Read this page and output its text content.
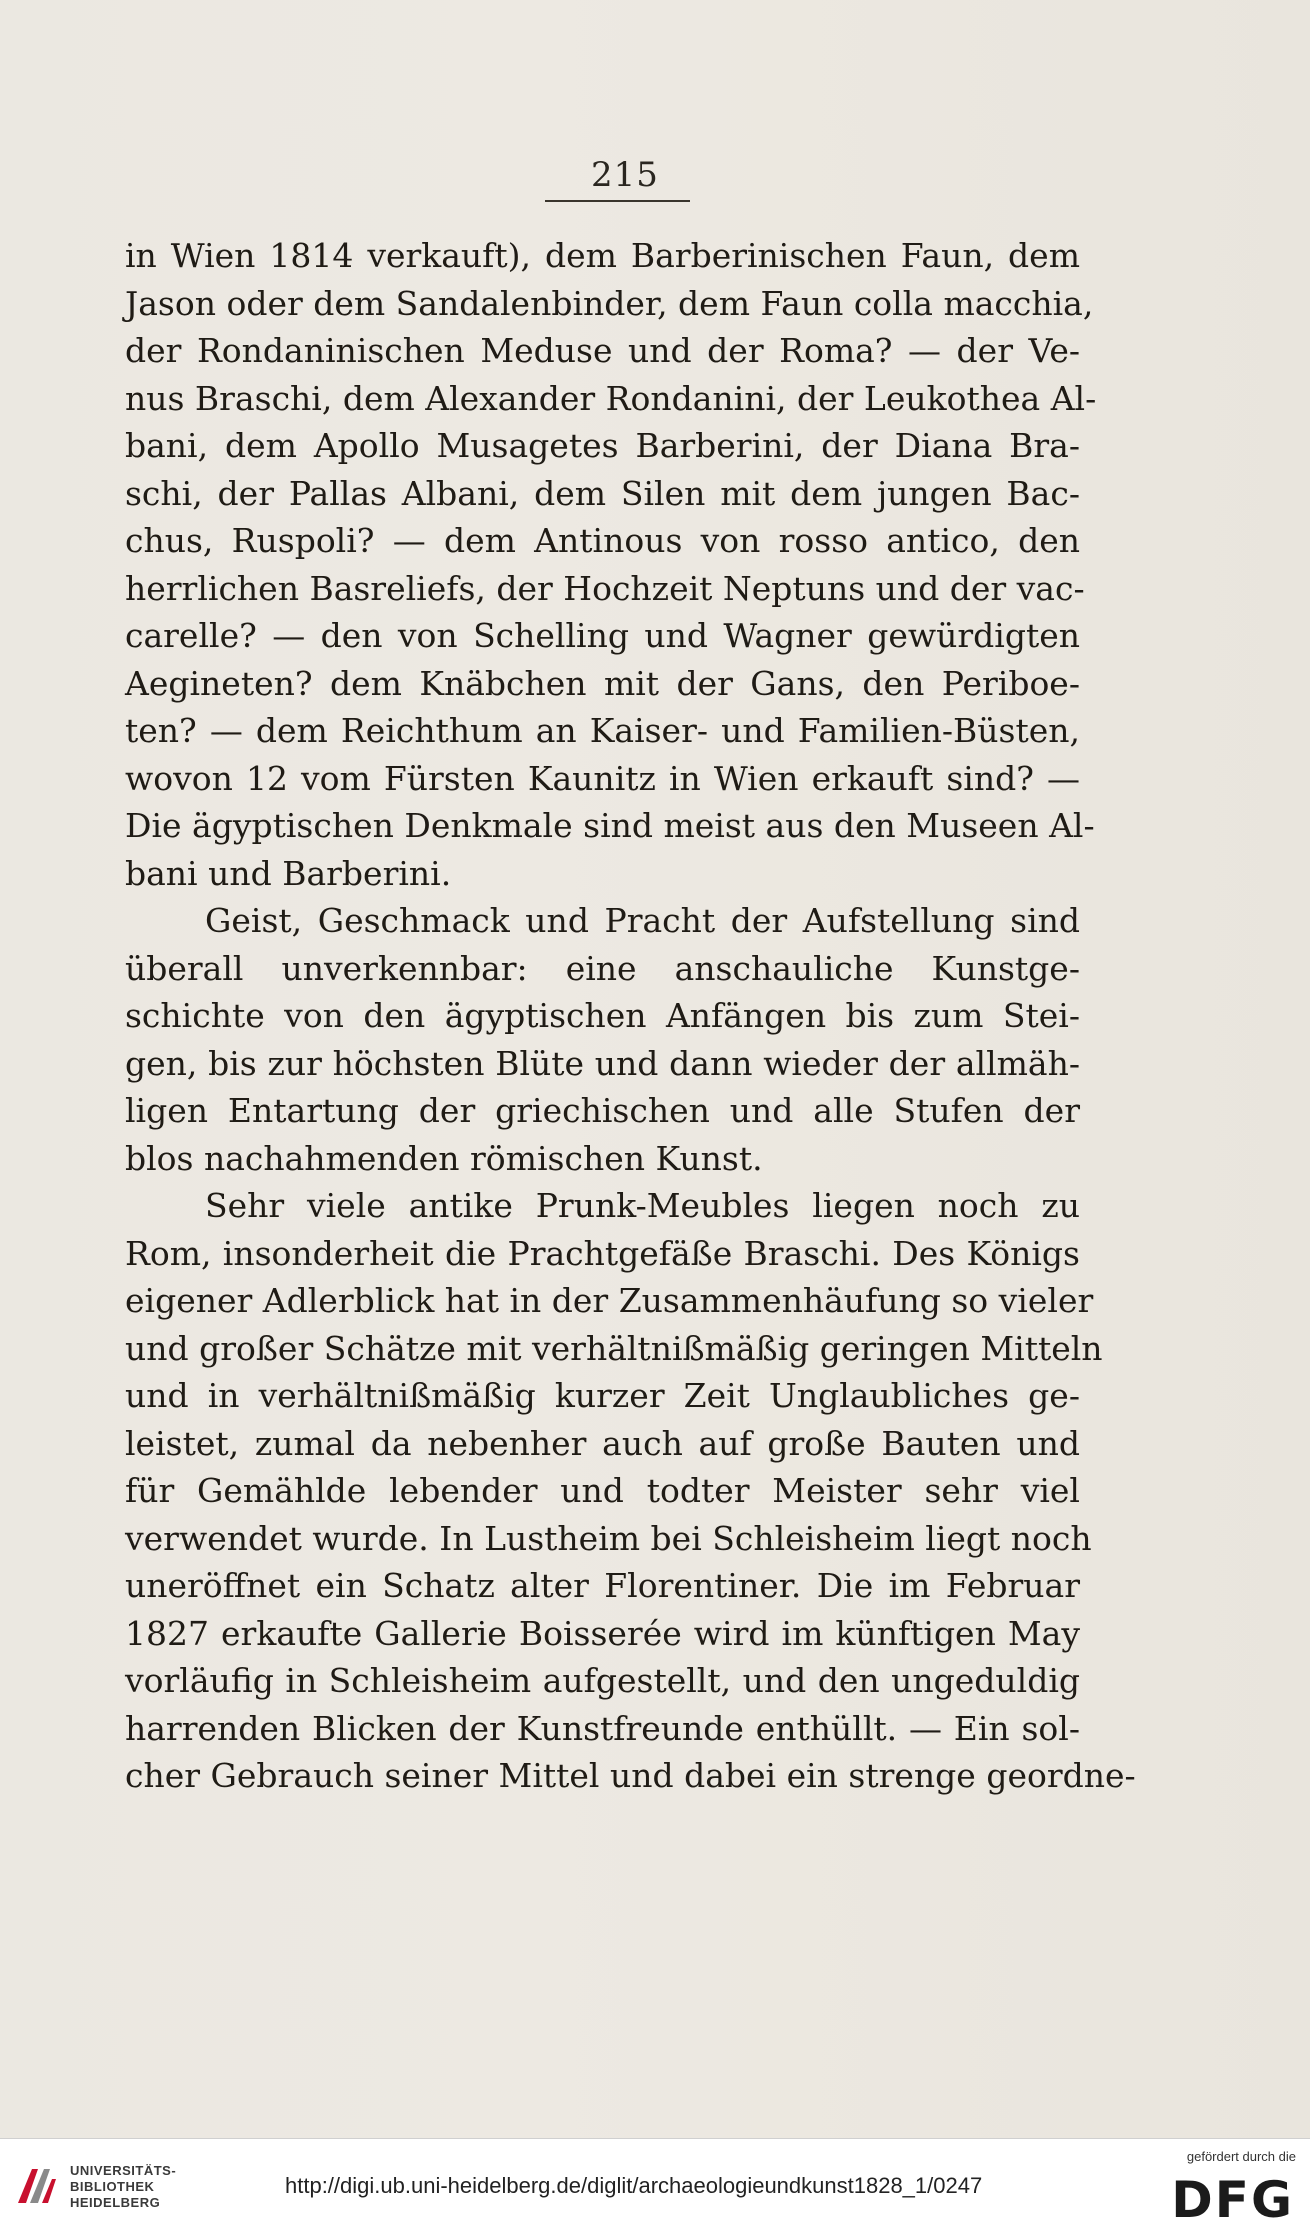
215
in Wien 1814 verkauft), dem Barberinischen Faun, dem
Jason oder dem Sandalenbinder, dem Faun colla macchia,
der Rondaninischen Meduse und der Roma? — der Ve-
nus Braschi, dem Alexander Rondanini, der Leukothea Al-
bani, dem Apollo Musagetes Barberini, der Diana Bra-
schi, der Pallas Albani, dem Silen mit dem jungen Bac-
chus, Ruspoli? — dem Antinous von rosso antico, den
herrlichen Basreliefs, der Hochzeit Neptuns und der vac-
carelle? — den von Schelling und Wagner gewürdigten
Aegineten? dem Knäbchen mit der Gans, den Periboe-
ten? — dem Reichthum an Kaiser- und Familien-Büsten,
wovon 12 vom Fürsten Kaunitz in Wien erkauft sind? —
Die ägyptischen Denkmale sind meist aus den Museen Al-
bani und Barberini.
Geist, Geschmack und Pracht der Aufstellung sind
überall unverkennbar: eine anschauliche Kunstge-
schichte von den ägyptischen Anfängen bis zum Stei-
gen, bis zur höchsten Blüte und dann wieder der allmäh-
ligen Entartung der griechischen und alle Stufen der
blos nachahmenden römischen Kunst.
Sehr viele antike Prunk-Meubles liegen noch zu
Rom, insonderheit die Prachtgefäße Braschi. Des Königs
eigener Adlerblick hat in der Zusammenhäufung so vieler
und großer Schätze mit verhältnißmäßig geringen Mitteln
und in verhältnißmäßig kurzer Zeit Unglaubliches ge-
leistet, zumal da nebenher auch auf große Bauten und
für Gemählde lebender und todter Meister sehr viel
verwendet wurde. In Lustheim bei Schleisheim liegt noch
uneröffnet ein Schatz alter Florentiner. Die im Februar
1827 erkaufte Gallerie Boisserée wird im künftigen May
vorläufig in Schleisheim aufgestellt, und den ungeduldig
harrenden Blicken der Kunstfreunde enthüllt. — Ein sol-
cher Gebrauch seiner Mittel und dabei ein strenge geordne-
UNIVERSITÄTS-
BIBLIOTHEK
HEIDELBERG
http://digi.ub.uni-heidelberg.de/diglit/archaeologieundkunst1828_1/0247
gefördert durch die
DFG
